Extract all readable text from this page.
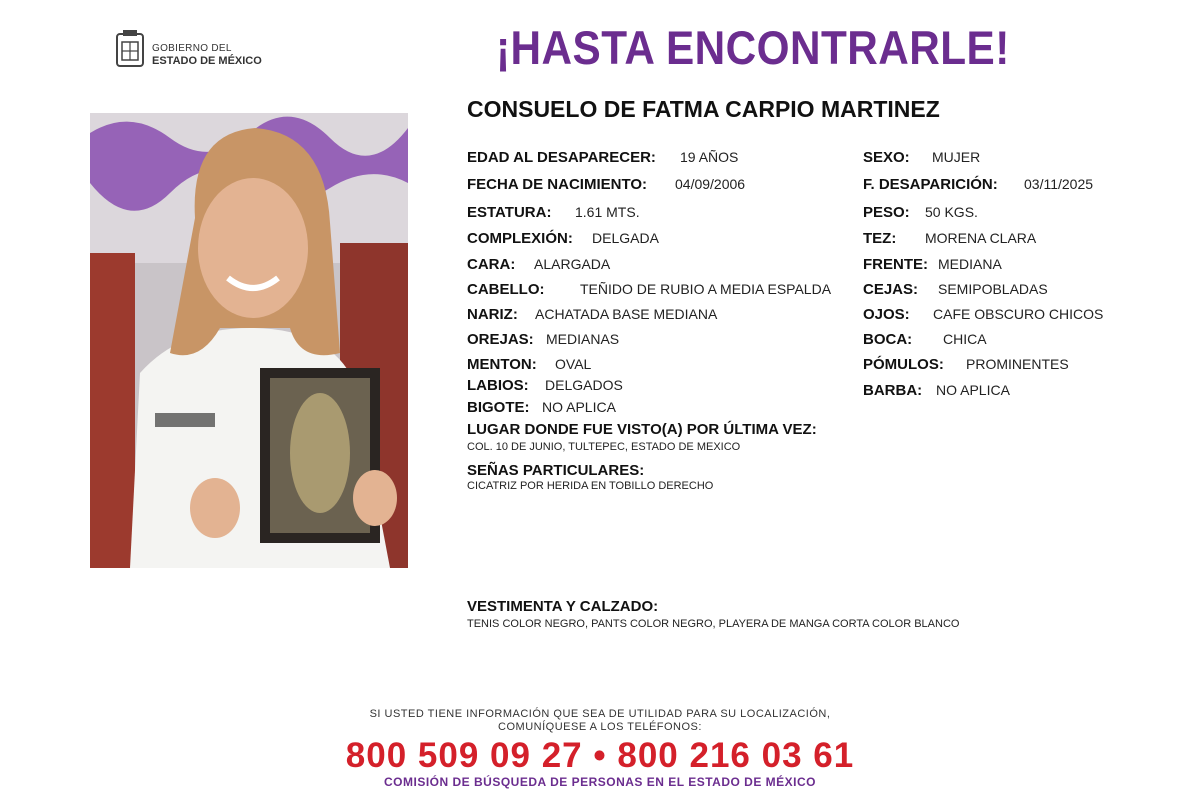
GOBIERNO DEL
ESTADO DE MÉXICO	¡HASTA ENCONTRARLE!
CONSUELO DE FATMA CARPIO MARTINEZ
EDAD AL DESAPARECER: 19 AÑOS
FECHA DE NACIMIENTO: 04/09/2006
ESTATURA: 1.61 MTS.
COMPLEXIÓN: DELGADA
CARA: ALARGADA
CABELLO:	TEÑIDO DE RUBIO A MEDIA ESPALDA
NARIZ: ACHATADA BASE MEDIANA
OREJAS: MEDIANAS
MENTON: OVAL
LABIOS: DELGADOS
BIGOTE: NO APLICA
SEXO: MUJER
F. DESAPARICIÓN: 03/11/2025
PESO: 50 KGS.
TEZ: MORENA CLARA
FRENTE: MEDIANA
CEJAS: SEMIPOBLADAS
OJOS: CAFE OBSCURO CHICOS
BOCA: CHICA
PÓMULOS: PROMINENTES
BARBA: NO APLICA
LUGAR DONDE FUE VISTO(A) POR ÚLTIMA VEZ:
COL. 10 DE JUNIO, TULTEPEC, ESTADO DE MEXICO
SEÑAS PARTICULARES:
CICATRIZ POR HERIDA EN TOBILLO DERECHO
VESTIMENTA Y CALZADO:
TENIS COLOR NEGRO, PANTS COLOR NEGRO, PLAYERA DE MANGA CORTA COLOR BLANCO
SI USTED TIENE INFORMACIÓN QUE SEA DE UTILIDAD PARA SU LOCALIZACIÓN,
COMUNÍQUESE A LOS TELÉFONOS:
800 509 09 27 • 800 216 03 61
COMISIÓN DE BÚSQUEDA DE PERSONAS EN EL ESTADO DE MÉXICO
